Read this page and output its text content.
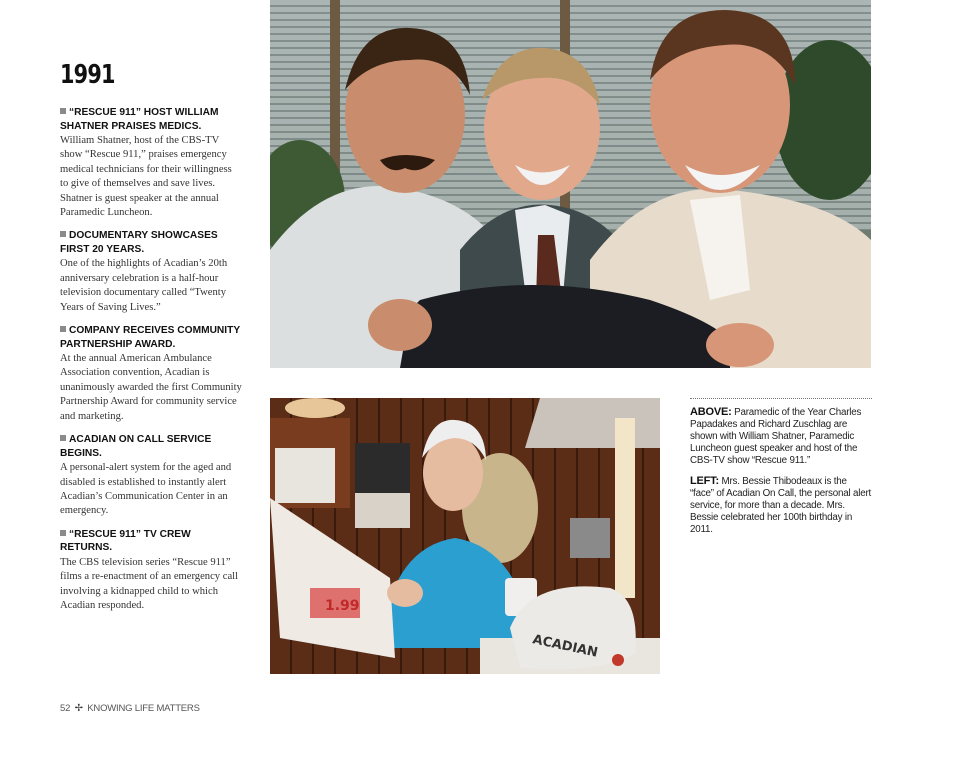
1991
“RESCUE 911” HOST WILLIAM SHATNER PRAISES MEDICS.
William Shatner, host of the CBS-TV show “Rescue 911,” praises emergency medical technicians for their willingness to give of themselves and save lives. Shatner is guest speaker at the annual Paramedic Luncheon.
DOCUMENTARY SHOWCASES FIRST 20 YEARS.
One of the highlights of Acadian’s 20th anniversary celebration is a half-hour television documentary called “Twenty Years of Saving Lives.”
COMPANY RECEIVES COMMUNITY PARTNERSHIP AWARD.
At the annual American Ambulance Association convention, Acadian is unanimously awarded the first Community Partnership Award for community service and marketing.
ACADIAN ON CALL SERVICE BEGINS.
A personal-alert system for the aged and disabled is established to instantly alert Acadian’s Communication Center in an emergency.
“RESCUE 911” TV CREW RETURNS.
The CBS television series “Rescue 911” films a re-enactment of an emergency call involving a kidnapped child to which Acadian responded.	1.99
ACADIAN
ABOVE: Paramedic of the Year Charles Papadakes and Richard Zuschlag are shown with William Shatner, Paramedic Luncheon guest speaker and host of the CBS-TV show “Rescue 911.”
LEFT: Mrs. Bessie Thibodeaux is the “face” of Acadian On Call, the personal alert service, for more than a decade. Mrs. Bessie celebrated her 100th birthday in 2011.
52 ✢ KNOWING LIFE MATTERS
